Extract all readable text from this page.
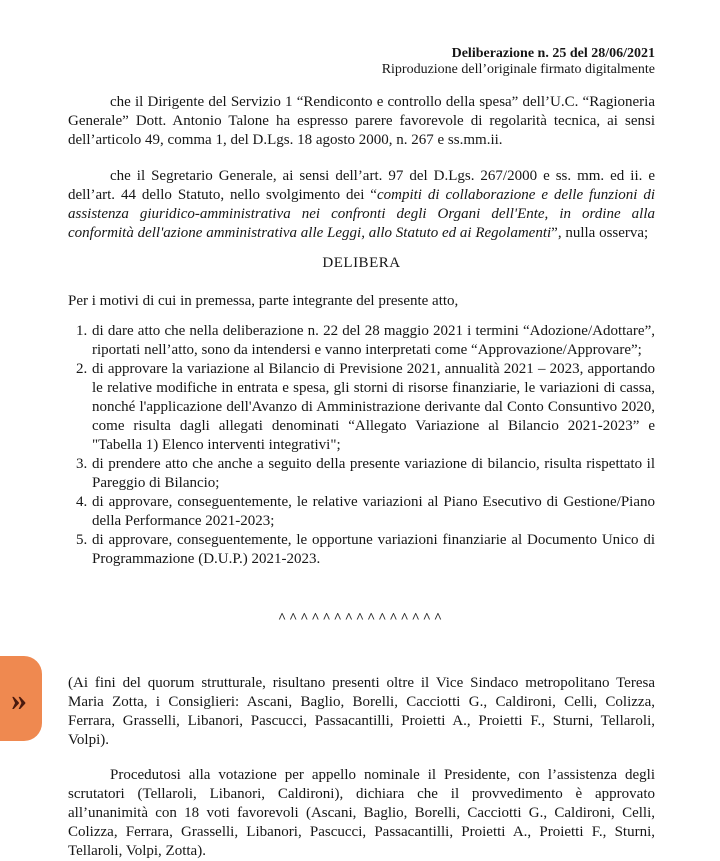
Deliberazione n. 25 del 28/06/2021
Riproduzione dell’originale firmato digitalmente

che il Dirigente del Servizio 1 “Rendiconto e controllo della spesa” dell’U.C. “Ragioneria Generale” Dott. Antonio Talone ha espresso parere favorevole di regolarità tecnica, ai sensi dell’articolo 49, comma 1, del D.Lgs. 18 agosto 2000, n. 267 e ss.mm.ii.

che il Segretario Generale, ai sensi dell’art. 97 del D.Lgs. 267/2000 e ss. mm. ed ii. e dell’art. 44 dello Statuto, nello svolgimento dei “compiti di collaborazione e delle funzioni di assistenza giuridico-amministrativa nei confronti degli Organi dell'Ente, in ordine alla conformità dell'azione amministrativa alle Leggi, allo Statuto ed ai Regolamenti”, nulla osserva;

DELIBERA

Per i motivi di cui in premessa, parte integrante del presente atto,

1. di dare atto che nella deliberazione n. 22 del 28 maggio 2021 i termini “Adozione/Adottare”, riportati nell’atto, sono da intendersi e vanno interpretati come “Approvazione/Approvare”;
2. di approvare la variazione al Bilancio di Previsione 2021, annualità 2021 – 2023, apportando le relative modifiche in entrata e spesa, gli storni di risorse finanziarie, le variazioni di cassa, nonché l'applicazione dell'Avanzo di Amministrazione derivante dal Conto Consuntivo 2020, come risulta dagli allegati denominati “Allegato Variazione al Bilancio 2021-2023” e "Tabella 1) Elenco interventi integrativi";
3. di prendere atto che anche a seguito della presente variazione di bilancio, risulta rispettato il Pareggio di Bilancio;
4. di approvare, conseguentemente, le relative variazioni al Piano Esecutivo di Gestione/Piano della Performance 2021-2023;
5. di approvare, conseguentemente, le opportune variazioni finanziarie al Documento Unico di Programmazione (D.U.P.) 2021-2023.
^^^^^^^^^^^^^^^

(Ai fini del quorum strutturale, risultano presenti oltre il Vice Sindaco metropolitano Teresa Maria Zotta, i Consiglieri: Ascani, Baglio, Borelli, Cacciotti G., Caldironi, Celli, Colizza, Ferrara, Grasselli, Libanori, Pascucci, Passacantilli, Proietti A., Proietti F., Sturni, Tellaroli, Volpi).

Procedutosi alla votazione per appello nominale il Presidente, con l’assistenza degli scrutatori (Tellaroli, Libanori, Caldironi), dichiara che il provvedimento è approvato all’unanimità con 18 voti favorevoli (Ascani, Baglio, Borelli, Cacciotti G., Caldironi, Celli, Colizza, Ferrara, Grasselli, Libanori, Pascucci, Passacantilli, Proietti A., Proietti F., Sturni, Tellaroli, Volpi, Zotta).

»
